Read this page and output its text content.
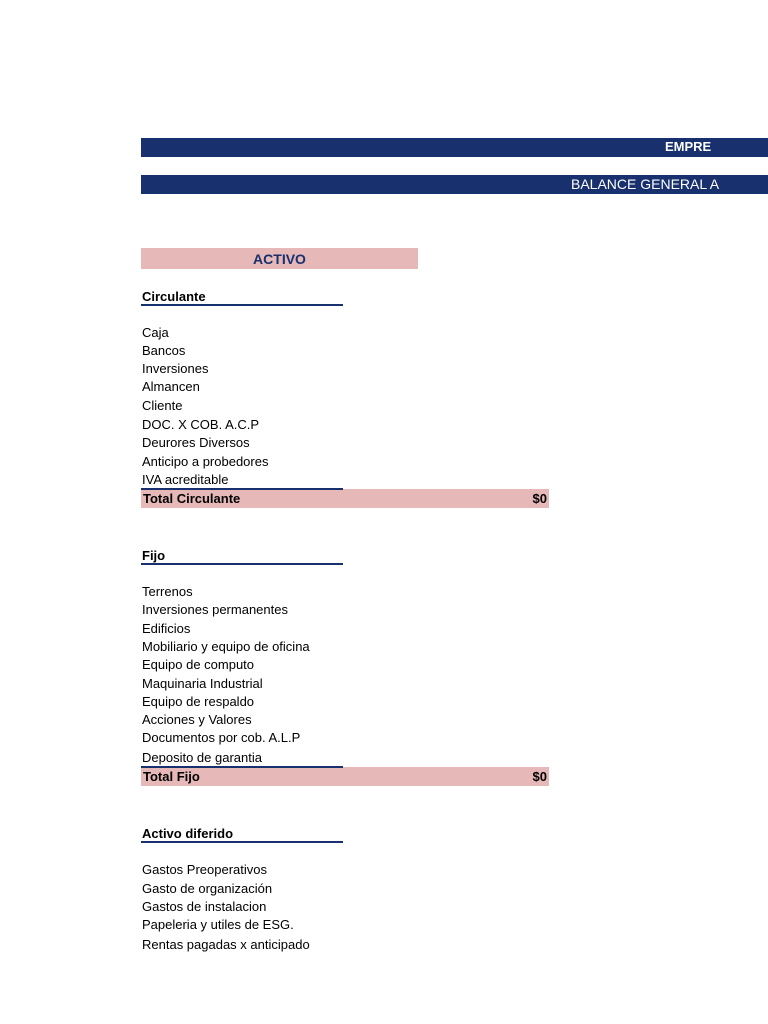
EMPRE
BALANCE GENERAL A
ACTIVO
Circulante
Caja
Bancos
Inversiones
Almancen
Cliente
DOC. X COB. A.C.P
Deurores Diversos
Anticipo a probedores
IVA acreditable
Total Circulante	$0
Fijo
Terrenos
Inversiones permanentes
Edificios
Mobiliario y equipo de oficina
Equipo de computo
Maquinaria Industrial
Equipo de respaldo
Acciones y Valores
Documentos por cob. A.L.P
Deposito de garantia
Total Fijo	$0
Activo diferido
Gastos Preoperativos
Gasto de organización
Gastos de instalacion
Papeleria y utiles de ESG.
Rentas pagadas x anticipado
